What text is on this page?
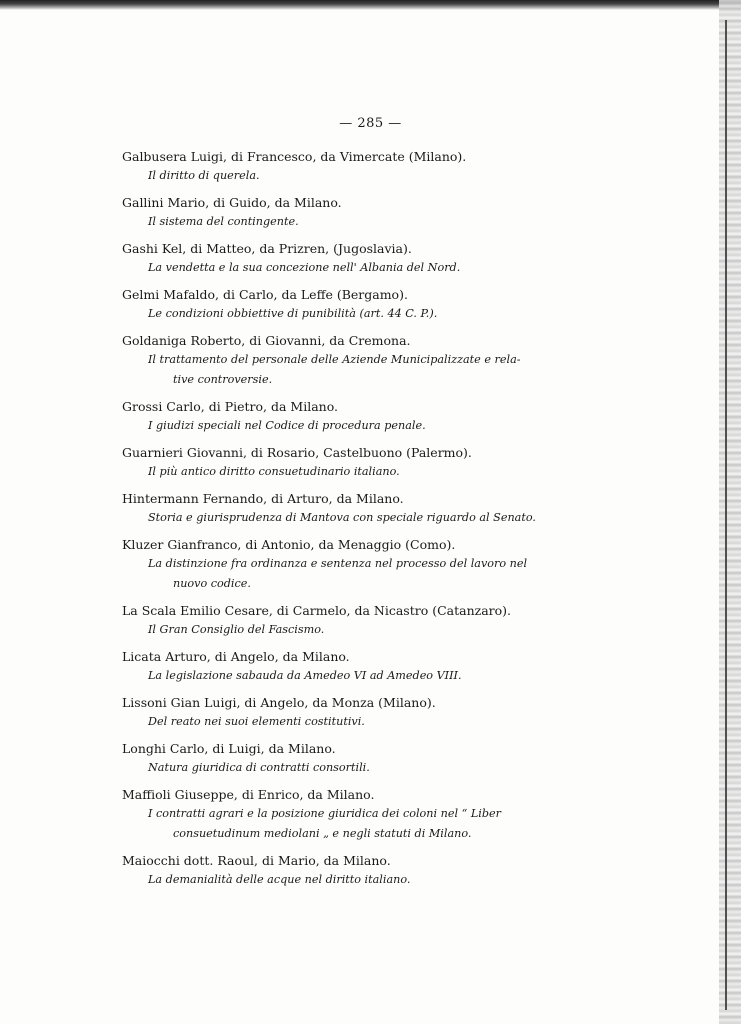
— 285 —
Galbusera Luigi, di Francesco, da Vimercate (Milano).
Il diritto di querela.
Gallini Mario, di Guido, da Milano.
Il sistema del contingente.
Gashi Kel, di Matteo, da Prizren, (Jugoslavia).
La vendetta e la sua concezione nell' Albania del Nord.
Gelmi Mafaldo, di Carlo, da Leffe (Bergamo).
Le condizioni obbiettive di punibilità (art. 44 C. P.).
Goldaniga Roberto, di Giovanni, da Cremona.
Il trattamento del personale delle Aziende Municipalizzate e rela-
tive controversie.
Grossi Carlo, di Pietro, da Milano.
I giudizi speciali nel Codice di procedura penale.
Guarnieri Giovanni, di Rosario, Castelbuono (Palermo).
Il più antico diritto consuetudinario italiano.
Hintermann Fernando, di Arturo, da Milano.
Storia e giurisprudenza di Mantova con speciale riguardo al Senato.
Kluzer Gianfranco, di Antonio, da Menaggio (Como).
La distinzione fra ordinanza e sentenza nel processo del lavoro nel
nuovo codice.
La Scala Emilio Cesare, di Carmelo, da Nicastro (Catanzaro).
Il Gran Consiglio del Fascismo.
Licata Arturo, di Angelo, da Milano.
La legislazione sabauda da Amedeo VI ad Amedeo VIII.
Lissoni Gian Luigi, di Angelo, da Monza (Milano).
Del reato nei suoi elementi costitutivi.
Longhi Carlo, di Luigi, da Milano.
Natura giuridica di contratti consortili.
Maffioli Giuseppe, di Enrico, da Milano.
I contratti agrari e la posizione giuridica dei coloni nel “ Liber
consuetudinum mediolani „ e negli statuti di Milano.
Maiocchi dott. Raoul, di Mario, da Milano.
La demanialità delle acque nel diritto italiano.
